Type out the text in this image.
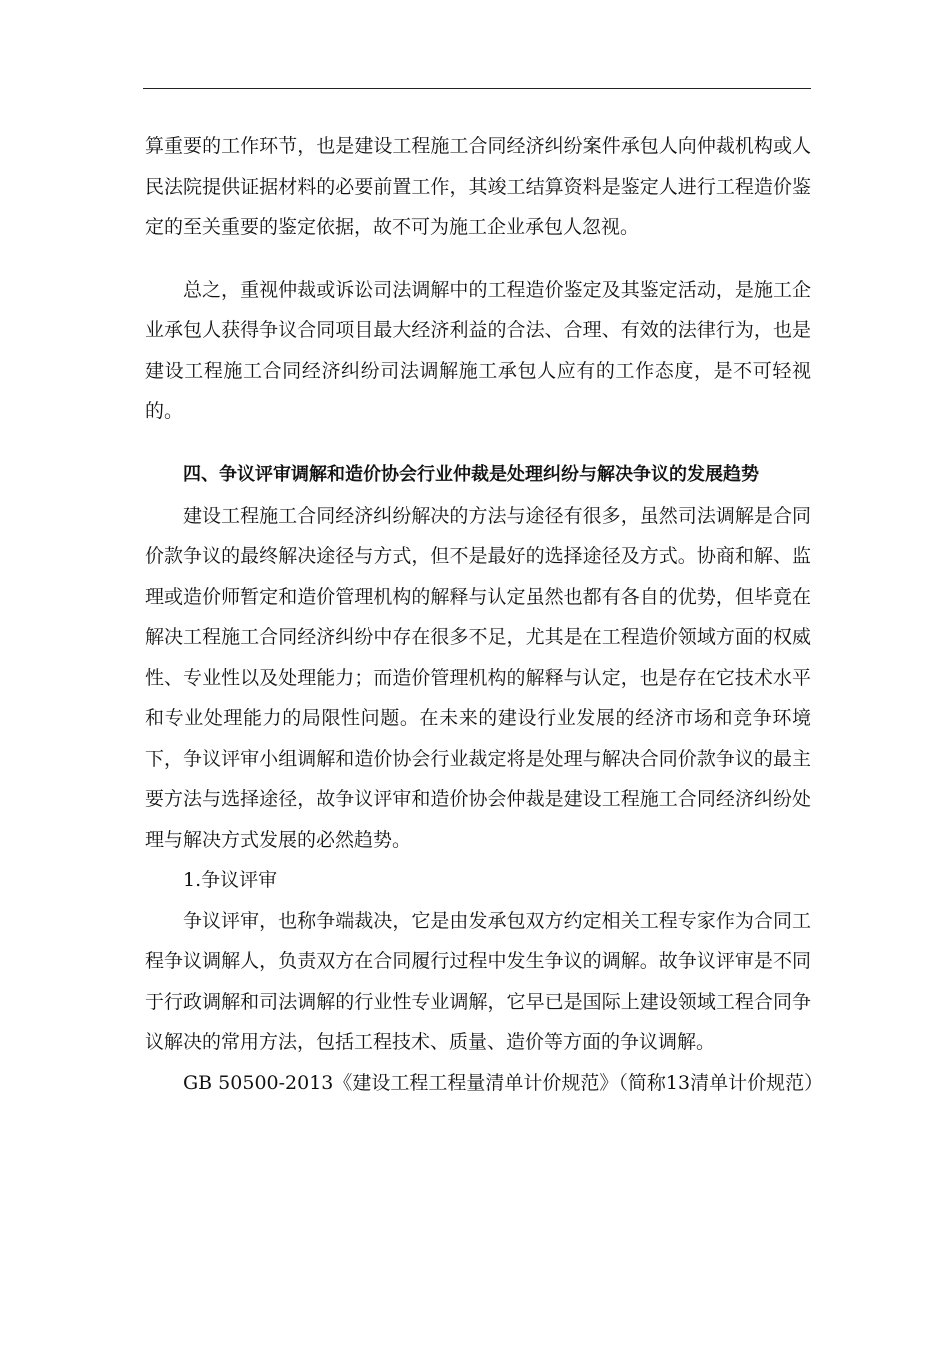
算重要的工作环节，也是建设工程施工合同经济纠纷案件承包人向仲裁机构或人民法院提供证据材料的必要前置工作，其竣工结算资料是鉴定人进行工程造价鉴定的至关重要的鉴定依据，故不可为施工企业承包人忽视。

总之，重视仲裁或诉讼司法调解中的工程造价鉴定及其鉴定活动，是施工企业承包人获得争议合同项目最大经济利益的合法、合理、有效的法律行为，也是建设工程施工合同经济纠纷司法调解施工承包人应有的工作态度，是不可轻视的。

四、争议评审调解和造价协会行业仲裁是处理纠纷与解决争议的发展趋势

建设工程施工合同经济纠纷解决的方法与途径有很多，虽然司法调解是合同价款争议的最终解决途径与方式，但不是最好的选择途径及方式。协商和解、监理或造价师暂定和造价管理机构的解释与认定虽然也都有各自的优势，但毕竟在解决工程施工合同经济纠纷中存在很多不足，尤其是在工程造价领域方面的权威性、专业性以及处理能力；而造价管理机构的解释与认定，也是存在它技术水平和专业处理能力的局限性问题。在未来的建设行业发展的经济市场和竞争环境下，争议评审小组调解和造价协会行业裁定将是处理与解决合同价款争议的最主要方法与选择途径，故争议评审和造价协会仲裁是建设工程施工合同经济纠纷处理与解决方式发展的必然趋势。

1.争议评审

争议评审，也称争端裁决，它是由发承包双方约定相关工程专家作为合同工程争议调解人，负责双方在合同履行过程中发生争议的调解。故争议评审是不同于行政调解和司法调解的行业性专业调解，它早已是国际上建设领域工程合同争议解决的常用方法，包括工程技术、质量、造价等方面的争议调解。

GB 50500-2013《建设工程工程量清单计价规范》（简称13清单计价规范）
